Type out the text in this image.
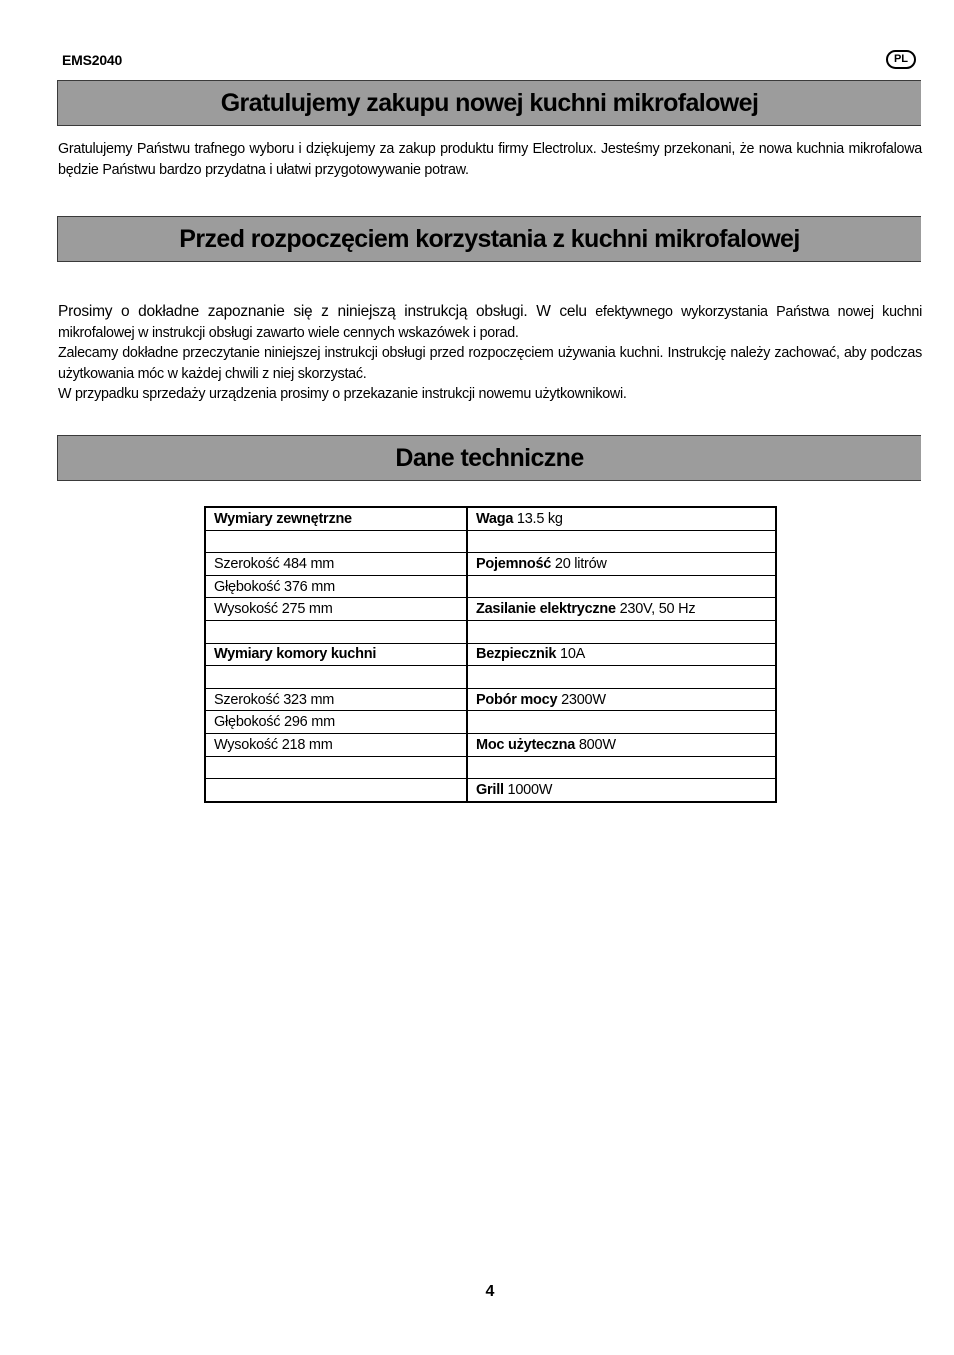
EMS2040	PL
Gratulujemy zakupu nowej kuchni mikrofalowej

Gratulujemy Państwu trafnego wyboru i dziękujemy za zakup produktu firmy Electrolux. Jesteśmy przekonani, że nowa kuchnia mikrofalowa będzie Państwu bardzo przydatna i ułatwi przygotowywanie potraw.

Przed rozpoczęciem korzystania z kuchni mikrofalowej

Prosimy o dokładne zapoznanie się z niniejszą instrukcją obsługi. W celu efektywnego wykorzystania Państwa nowej kuchni mikrofalowej w instrukcji obsługi zawarto wiele cennych wskazówek i porad.

Zalecamy dokładne przeczytanie niniejszej instrukcji obsługi przed rozpoczęciem używania kuchni. Instrukcję należy zachować, aby podczas użytkowania móc w każdej chwili z niej skorzystać.

W przypadku sprzedaży urządzenia prosimy o przekazanie instrukcji nowemu użytkownikowi.

Dane techniczne
Wymiary zewnętrzne	Waga 13.5 kg

Szerokość 484 mm	Pojemność 20 litrów
Głębokość 376 mm	
Wysokość 275 mm	Zasilanie elektryczne 230V, 50 Hz

Wymiary komory kuchni	Bezpiecznik 10A

Szerokość 323 mm	Pobór mocy 2300W
Głębokość 296 mm	
Wysokość 218 mm	Moc użyteczna 800W

	Grill 1000W
4
